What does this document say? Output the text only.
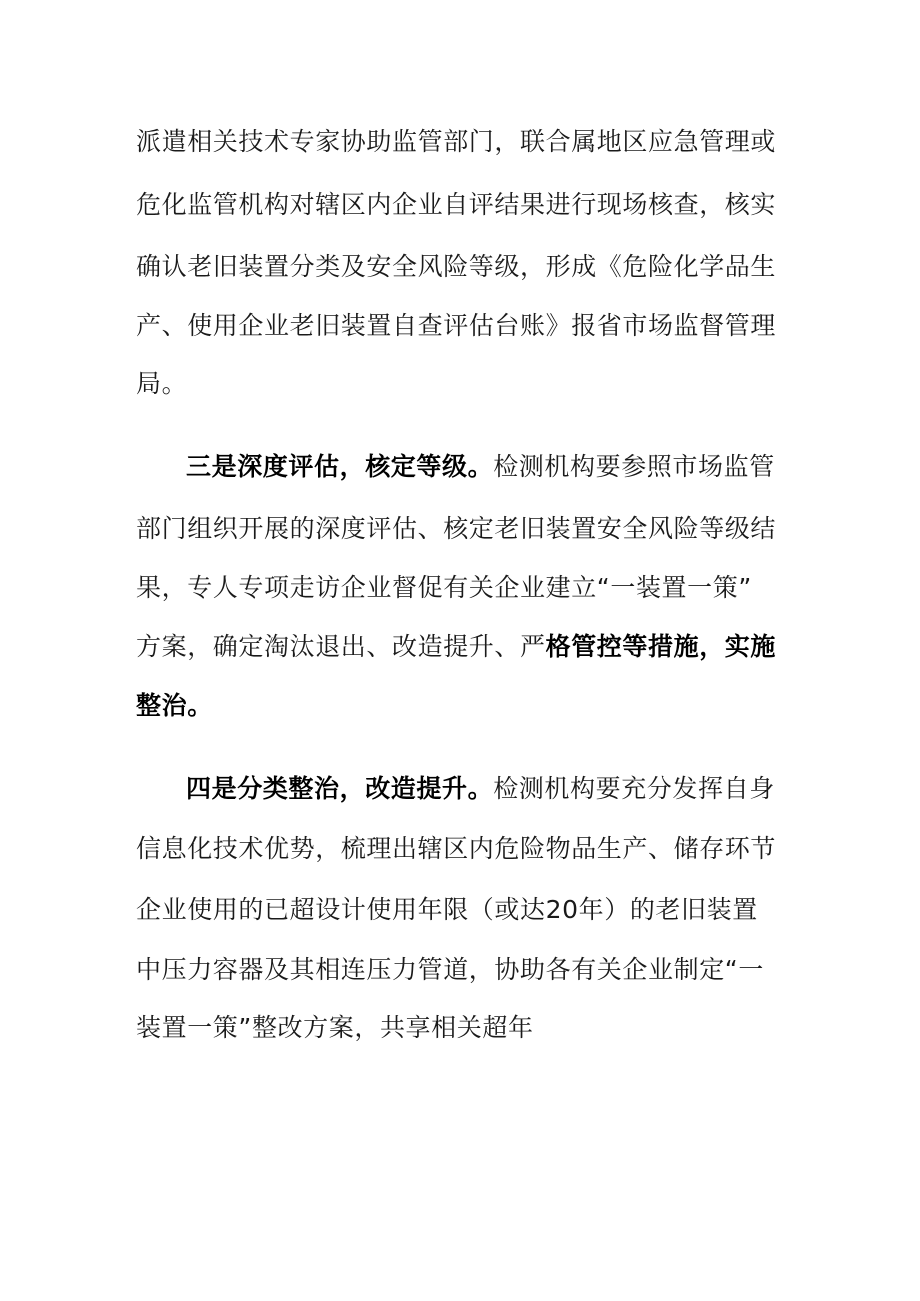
派遣相关技术专家协助监管部门，联合属地区应急管理或
危化监管机构对辖区内企业自评结果进行现场核查，核实
确认老旧装置分类及安全风险等级，形成《危险化学品生
产、使用企业老旧装置自查评估台账》报省市场监督管理
局。
三是深度评估，核定等级。检测机构要参照市场监管
部门组织开展的深度评估、核定老旧装置安全风险等级结
果，专人专项走访企业督促有关企业建立“一装置一策”
方案，确定淘汰退出、改造提升、严格管控等措施，实施
整治。
四是分类整治，改造提升。检测机构要充分发挥自身
信息化技术优势，梳理出辖区内危险物品生产、储存环节
企业使用的已超设计使用年限（或达20年）的老旧装置
中压力容器及其相连压力管道，协助各有关企业制定“一
装置一策”整改方案，共享相关超年
